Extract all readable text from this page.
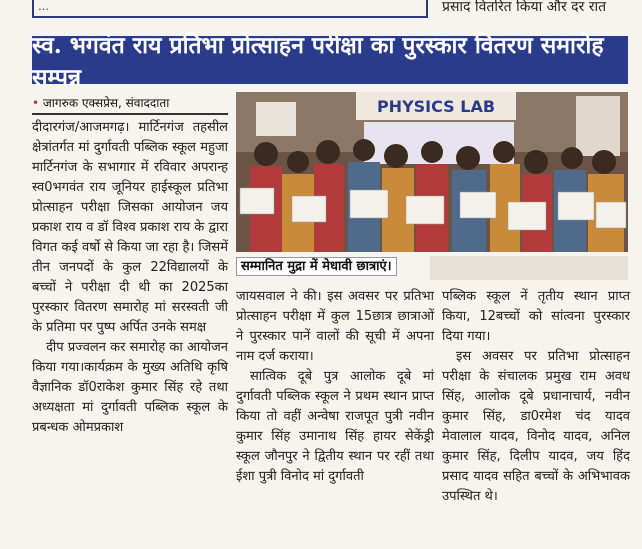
…	प्रसाद वितरित किया और दर रात
स्व. भगवंत राय प्रतिभा प्रोत्साहन परीक्षा का पुरस्कार वितरण समारोह सम्पन्न
• जागरुक एक्सप्रेस, संवाददाता

दीदारगंज/आजमगढ़। मार्टिनगंज तहसील क्षेत्रांतर्गत मां दुर्गावती पब्लिक स्कूल महुजा मार्टिनगंज के सभागार में रविवार अपरान्ह स्व0भगवंत राय जूनियर हाईस्कूल प्रतिभा प्रोत्साहन परीक्षा जिसका आयोजन जय प्रकाश राय व डॉ विश्व प्रकाश राय के द्वारा विगत कई वर्षो से किया जा रहा है। जिसमें तीन जनपदों के कुल 22विद्यालयों के बच्चों ने परीक्षा दी थी का 2025का पुरस्कार वितरण समारोह मां सरस्वती जी के प्रतिमा पर पुष्प अर्पित उनके समक्ष

दीप प्रज्वलन कर समारोह का आयोजन किया गया।कार्यक्रम के मुख्य अतिथि कृषि वैज्ञानिक डॉ0राकेश कुमार सिंह रहे तथा अध्यक्षता मां दुर्गावती पब्लिक स्कूल के प्रबन्धक ओमप्रकाश

PHYSICS LAB
सम्मानित मुद्रा में मेधावी छात्राएं।

जायसवाल ने की। इस अवसर पर प्रतिभा प्रोत्साहन परीक्षा में कुल 15छात्र छात्राओं ने पुरस्कार पानें वालों की सूची में अपना नाम दर्ज कराया।

सात्विक दूबे पुत्र आलोक दूबे मां दुर्गावती पब्लिक स्कूल ने प्रथम स्थान प्राप्त किया तो वहीं अन्वेषा राजपूत पुत्री नवीन कुमार सिंह उमानाथ सिंह हायर सेकेंड्री स्कूल जौनपुर ने द्वितीय स्थान पर रहीं तथा ईशा पुत्री विनोद मां दुर्गावती

पब्लिक स्कूल नें तृतीय स्थान प्राप्त किया, 12बच्चों को सांत्वना पुरस्कार दिया गया।

इस अवसर पर प्रतिभा प्रोत्साहन परीक्षा के संचालक प्रमुख राम अवध सिंह, आलोक दूबे प्रधानाचार्य, नवीन कुमार सिंह, डा0रमेश चंद यादव मेवालाल यादव, विनोद यादव, अनिल कुमार सिंह, दिलीप यादव, जय हिंद प्रसाद यादव सहित बच्चों के अभिभावक उपस्थित थे।
